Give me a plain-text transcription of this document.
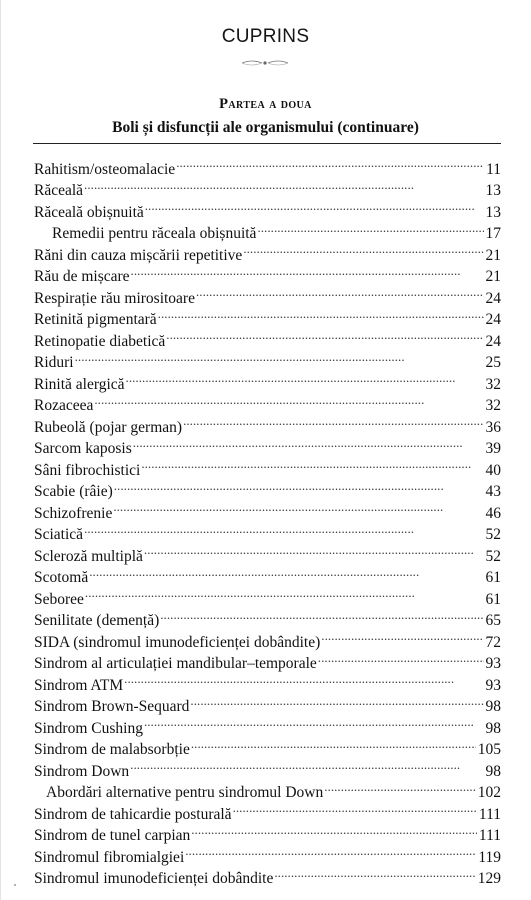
CUPRINS
Partea a doua
Boli și disfuncții ale organismului (continuare)
Rahitism/osteomalacie . . .	11
Răceală . . .	13
Răceală obișnuită . . .	13
Remedii pentru răceala obișnuită . . .	17
Răni din cauza mișcării repetitive . . .	21
Rău de mișcare . . .	21
Respirație rău mirositoare . . .	24
Retinită pigmentară . . .	24
Retinopatie diabetică . . .	24
Riduri . . .	25
Rinită alergică . . .	32
Rozaceea . . .	32
Rubeolă (pojar german) . . .	36
Sarcom kaposis . . .	39
Sâni fibrochistici . . .	40
Scabie (râie) . . .	43
Schizofrenie . . .	46
Sciatică . . .	52
Scleroză multiplă . . .	52
Scotomă . . .	61
Seboree . . .	61
Senilitate (demență) . . .	65
SIDA (sindromul imunodeficienței dobândite) . . .	72
Sindrom al articulației mandibular–temporale . . .	93
Sindrom ATM . . .	93
Sindrom Brown-Sequard . . .	98
Sindrom Cushing . . .	98
Sindrom de malabsorbție . . .	105
Sindrom Down . . .	98
Abordări alternative pentru sindromul Down . . .	102
Sindrom de tahicardie posturală . . .	111
Sindrom de tunel carpian . . .	111
Sindromul fibromialgiei . . .	119
Sindromul imunodeficienței dobândite . . .	129
